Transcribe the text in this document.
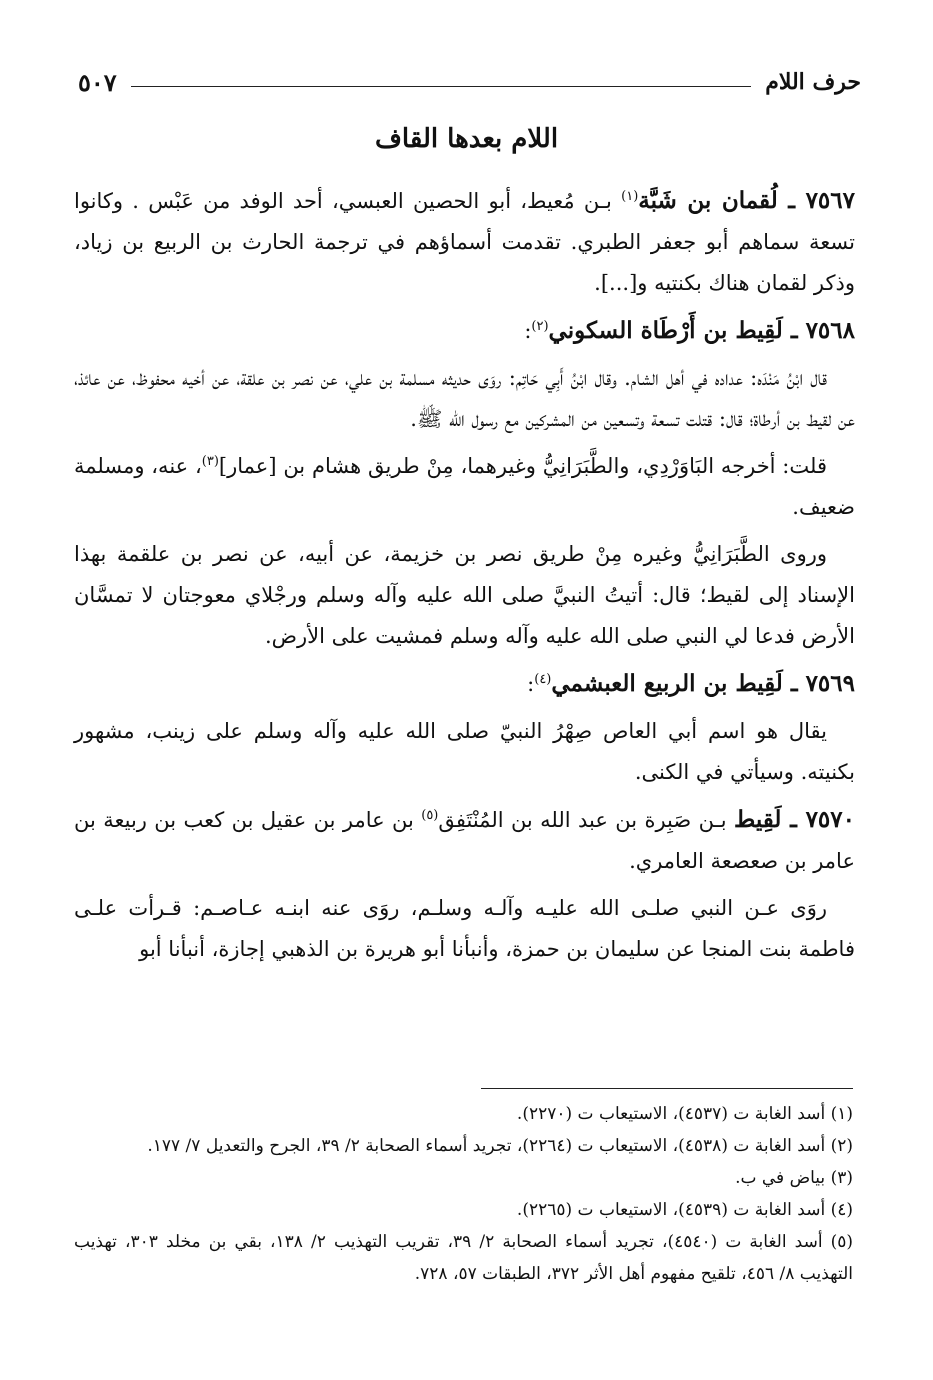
حرف اللام
٥٠٧
اللام بعدها القاف

٧٥٦٧ ـ لُقمان بن شَبَّة$^{(١)}$ بـن مُعيط، أبو الحصين العبسي، أحد الوفد من عَبْس . وكانوا تسعة سماهم أبو جعفر الطبري. تقدمت أسماؤهم في ترجمة الحارث بن الربيع بن زياد، وذكر لقمان هناك بكنتيه و[...].

٧٥٦٨ ـ لَقِيط بن أَرْطَاة السكوني$^{(٢)}$:

قال ابْنُ مَنْدَه: عداده في أهل الشام. وقال ابْنُ أَبِي حَاتِم: روَى حديثه مسلمة بن علي، عن نصر بن علقة، عن أخيه محفوظ، عن عائذ، عن لقيط بن أرطاة؛ قال: قتلت تسعة وتسعين من المشركين مع رسول الله ﷺ.

قلت: أخرجه البَاوَرْدِي، والطَّبَرَانِيُّ وغيرهما، مِنْ طريق هشام بن [عمار]$^{(٣)}$، عنه، ومسلمة ضعيف.

وروى الطَّبَرَانِيُّ وغيره مِنْ طريق نصر بن خزيمة، عن أبيه، عن نصر بن علقمة بهذا الإسناد إلى لقيط؛ قال: أتيتُ النبيَّ صلى الله عليه وآله وسلم ورجْلاي معوجتان لا تمسَّان الأرض فدعا لي النبي صلى الله عليه وآله وسلم فمشيت على الأرض.

٧٥٦٩ ـ لَقِيط بن الربيع العبشمي$^{(٤)}$:

يقال هو اسم أبي العاص صِهْرُ النبيّ صلى الله عليه وآله وسلم على زينب، مشهور بكنيته. وسيأتي في الكنى.

٧٥٧٠ ـ لَقِيط بـن صَبِرة بن عبد الله بن المُنْتَفِق$^{(٥)}$ بن عامر بن عقيل بن كعب بن ربيعة بن عامر بن صعصعة العامري.

روَى عـن النبي صلـى الله عليـه وآلـه وسلـم، روَى عنه ابنـه عـاصـم: قـرأت علـى فاطمة بنت المنجا عن سليمان بن حمزة، وأنبأنا أبو هريرة بن الذهبي إجازة، أنبأنا أبو

(١) أسد الغابة ت (٤٥٣٧)، الاستيعاب ت (٢٢٧٠).

(٢) أسد الغابة ت (٤٥٣٨)، الاستيعاب ت (٢٢٦٤)، تجريد أسماء الصحابة ٢/ ٣٩، الجرح والتعديل ٧/ ١٧٧.

(٣) بياض في ب.

(٤) أسد الغابة ت (٤٥٣٩)، الاستيعاب ت (٢٢٦٥).

(٥) أسد الغابة ت (٤٥٤٠)، تجريد أسماء الصحابة ٢/ ٣٩، تقريب التهذيب ٢/ ١٣٨، بقي بن مخلد ٣٠٣، تهذيب التهذيب ٨/ ٤٥٦، تلقيح مفهوم أهل الأثر ٣٧٢، الطبقات ٥٧، ٧٢٨.
